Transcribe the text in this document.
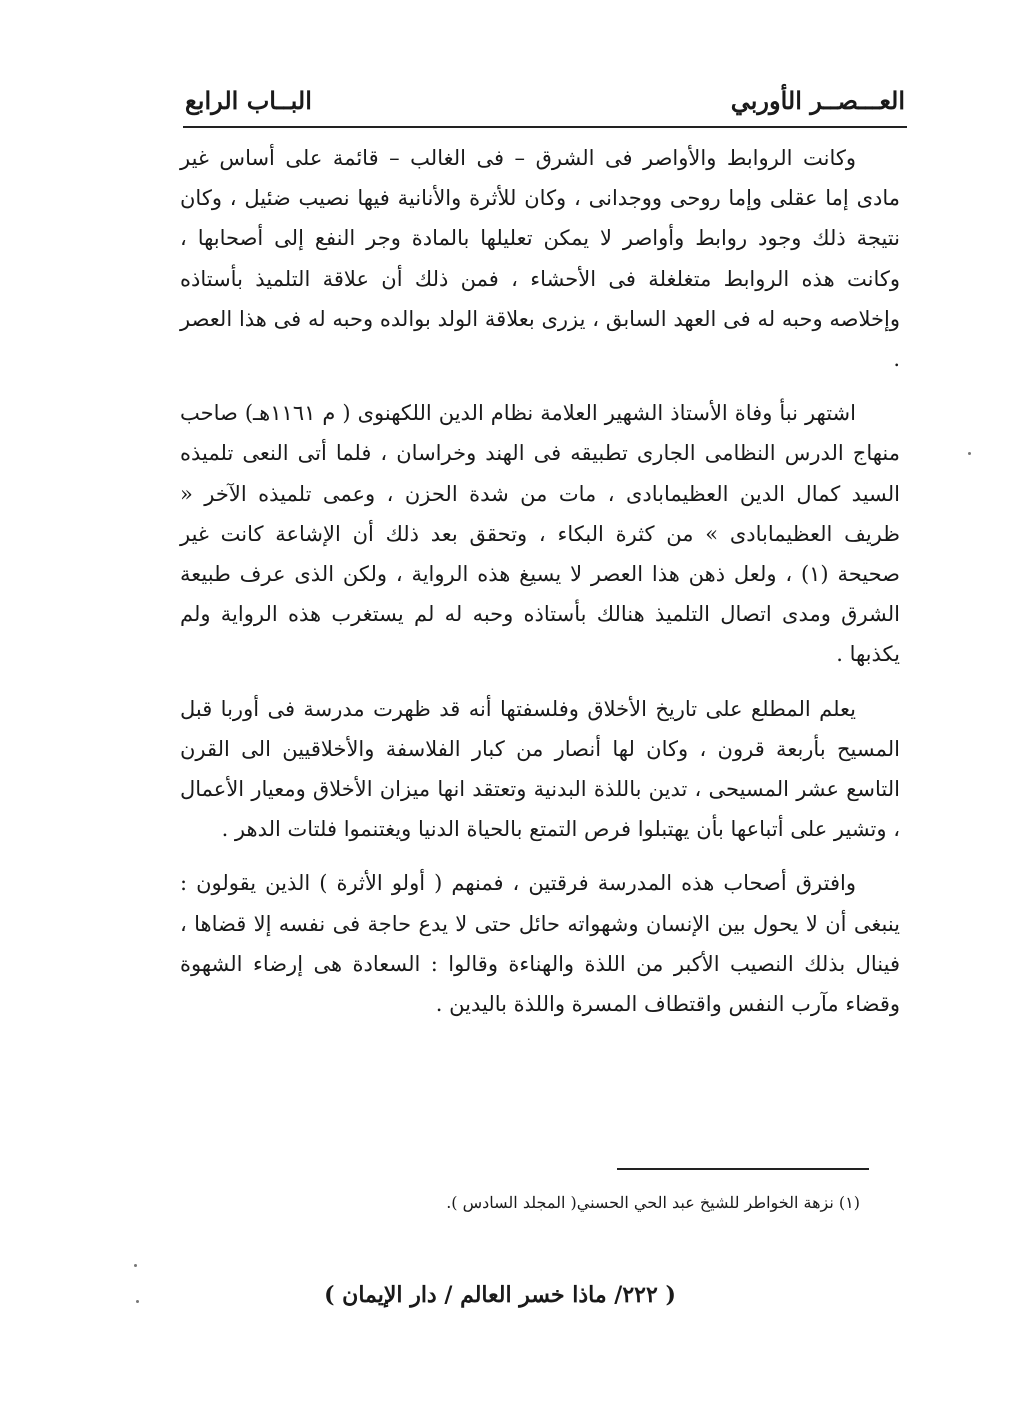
العـــصــر الأوربي
البــاب الرابع

وكانت الروابط والأواصر فى الشرق – فى الغالب – قائمة على أساس غير مادى إما عقلى وإما روحى ووجدانى ، وكان للأثرة والأنانية فيها نصيب ضئيل ، وكان نتيجة ذلك وجود روابط وأواصر لا يمكن تعليلها بالمادة وجر النفع إلى أصحابها ، وكانت هذه الروابط متغلغلة فى الأحشاء ، فمن ذلك أن علاقة التلميذ بأستاذه وإخلاصه وحبه له فى العهد السابق ، يزرى بعلاقة الولد بوالده وحبه له فى هذا العصر .

اشتهر نبأ وفاة الأستاذ الشهير العلامة نظام الدين اللكهنوى ( م ١١٦١هـ) صاحب منهاج الدرس النظامى الجارى تطبيقه فى الهند وخراسان ، فلما أتى النعى تلميذه السيد كمال الدين العظيمابادى ، مات من شدة الحزن ، وعمى تلميذه الآخر « ظريف العظيمابادى » من كثرة البكاء ، وتحقق بعد ذلك أن الإشاعة كانت غير صحيحة (١) ، ولعل ذهن هذا العصر لا يسيغ هذه الرواية ، ولكن الذى عرف طبيعة الشرق ومدى اتصال التلميذ هنالك بأستاذه وحبه له لم يستغرب هذه الرواية ولم يكذبها .

يعلم المطلع على تاريخ الأخلاق وفلسفتها أنه قد ظهرت مدرسة فى أوربا قبل المسيح بأربعة قرون ، وكان لها أنصار من كبار الفلاسفة والأخلاقيين الى القرن التاسع عشر المسيحى ، تدين باللذة البدنية وتعتقد انها ميزان الأخلاق ومعيار الأعمال ، وتشير على أتباعها بأن يهتبلوا فرص التمتع بالحياة الدنيا ويغتنموا فلتات الدهر .

وافترق أصحاب هذه المدرسة فرقتين ، فمنهم ( أولو الأثرة ) الذين يقولون : ينبغى أن لا يحول بين الإنسان وشهواته حائل حتى لا يدع حاجة فى نفسه إلا قضاها ، فينال بذلك النصيب الأكبر من اللذة والهناءة وقالوا : السعادة هى إرضاء الشهوة وقضاء مآرب النفس واقتطاف المسرة واللذة باليدين .

(١) نزهة الخواطر للشيخ عبد الحي الحسني( المجلد السادس ).
( ٢٢٢/ ماذا خسر العالم / دار الإيمان )
